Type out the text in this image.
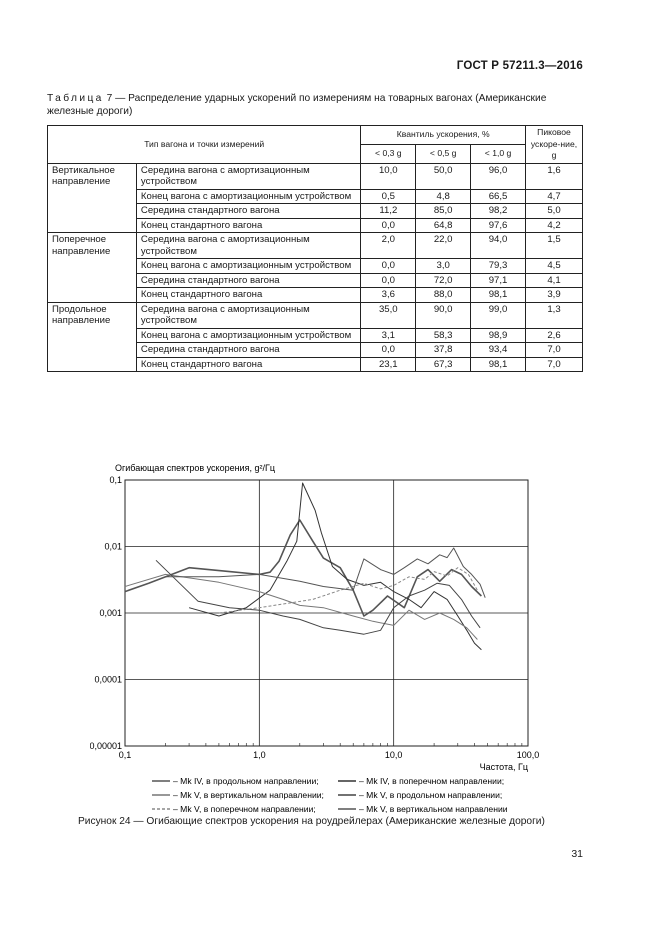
ГОСТ Р 57211.3—2016
Таблица 7 — Распределение ударных ускорений по измерениям на товарных вагонах (Американские железные дороги)
Тип вагона и точки измерений		Квантиль ускорения, %			Пиковое ускоре-ние, g
		< 0,3 g	< 0,5 g	< 1,0 g	
Вертикальное направление	Середина вагона с амортизационным устройством	10,0	50,0	96,0	1,6
	Конец вагона с амортизационным устройством	0,5	4,8	66,5	4,7
	Середина стандартного вагона	11,2	85,0	98,2	5,0
	Конец стандартного вагона	0,0	64,8	97,6	4,2
Поперечное направление	Середина вагона с амортизационным устройством	2,0	22,0	94,0	1,5
	Конец вагона с амортизационным устройством	0,0	3,0	79,3	4,5
	Середина стандартного вагона	0,0	72,0	97,1	4,1
	Конец стандартного вагона	3,6	88,0	98,1	3,9
Продольное направление	Середина вагона с амортизационным устройством	35,0	90,0	99,0	1,3
	Конец вагона с амортизационным устройством	3,1	58,3	98,9	2,6
	Середина стандартного вагона	0,0	37,8	93,4	7,0
	Конец стандартного вагона	23,1	67,3	98,1	7,0
0,1	1,0	10,0	100,0
0,1
0,01
0,001
0,0001
0,00001
Огибающая спектров ускорения, g²/Гц
Частота, Гц
– Mk IV, в продольном направлении;	– Mk IV, в поперечном направлении;
– Mk V, в вертикальном направлении;	– Mk V, в продольном направлении;
– Mk V, в поперечном направлении;	– Mk V, в вертикальном направлении
Рисунок 24 — Огибающие спектров ускорения на роудрейлерах (Американские железные дороги)
31
